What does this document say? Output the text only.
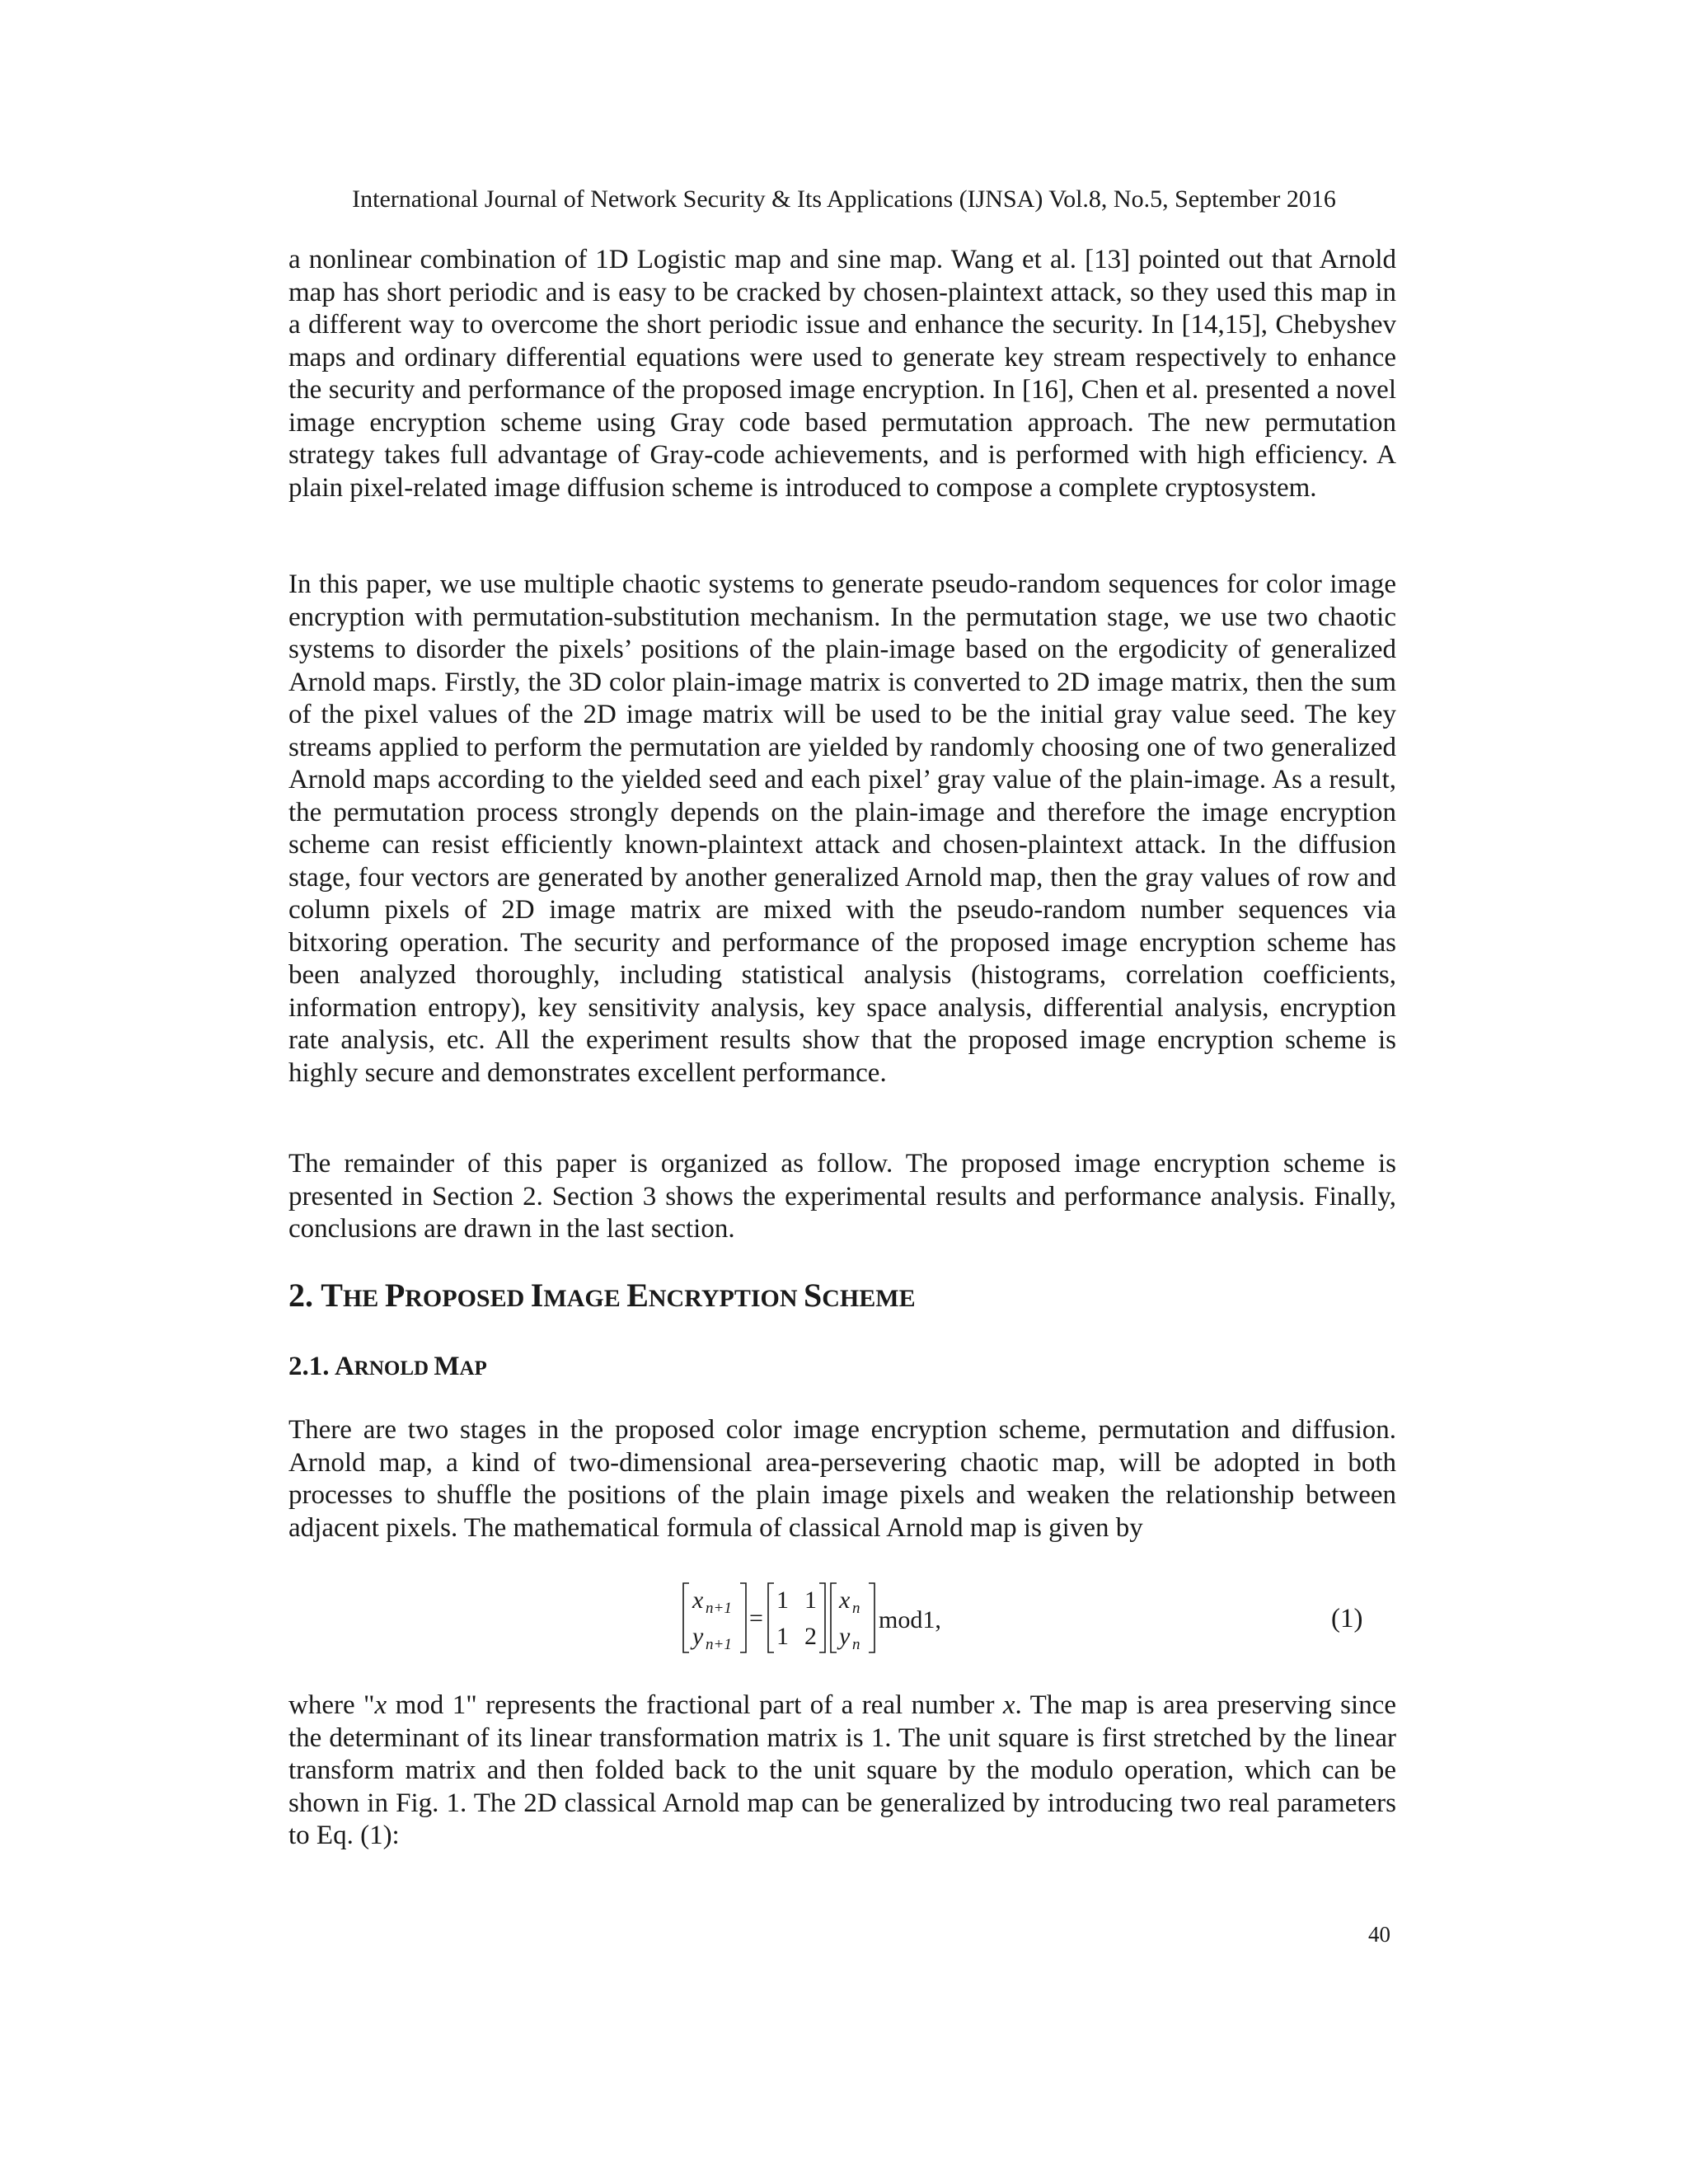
International Journal of Network Security & Its Applications (IJNSA) Vol.8, No.5, September 2016

a nonlinear combination of 1D Logistic map and sine map. Wang et al. [13] pointed out that Arnold map has short periodic and is easy to be cracked by chosen-plaintext attack, so they used this map in a different way to overcome the short periodic issue and enhance the security. In [14,15], Chebyshev maps and ordinary differential equations were used to generate key stream respectively to enhance the security and performance of the proposed image encryption. In [16], Chen et al. presented a novel image encryption scheme using Gray code based permutation approach. The new permutation strategy takes full advantage of Gray-code achievements, and is performed with high efficiency. A plain pixel-related image diffusion scheme is introduced to compose a complete cryptosystem.

In this paper, we use multiple chaotic systems to generate pseudo-random sequences for color image encryption with permutation-substitution mechanism. In the permutation stage, we use two chaotic systems to disorder the pixels’ positions of the plain-image based on the ergodicity of generalized Arnold maps. Firstly, the 3D color plain-image matrix is converted to 2D image matrix, then the sum of the pixel values of the 2D image matrix will be used to be the initial gray value seed. The key streams applied to perform the permutation are yielded by randomly choosing one of two generalized Arnold maps according to the yielded seed and each pixel’ gray value of the plain-image. As a result, the permutation process strongly depends on the plain-image and therefore the image encryption scheme can resist efficiently known-plaintext attack and chosen-plaintext attack. In the diffusion stage, four vectors are generated by another generalized Arnold map, then the gray values of row and column pixels of 2D image matrix are mixed with the pseudo-random number sequences via bitxoring operation. The security and performance of the proposed image encryption scheme has been analyzed thoroughly, including statistical analysis (histograms, correlation coefficients, information entropy), key sensitivity analysis, key space analysis, differential analysis, encryption rate analysis, etc. All the experiment results show that the proposed image encryption scheme is highly secure and demonstrates excellent performance.

The remainder of this paper is organized as follow. The proposed image encryption scheme is presented in Section 2. Section 3 shows the experimental results and performance analysis. Finally, conclusions are drawn in the last section.

2. THE PROPOSED IMAGE ENCRYPTION SCHEME
2.1. ARNOLD MAP

There are two stages in the proposed color image encryption scheme, permutation and diffusion. Arnold map, a kind of two-dimensional area-persevering chaotic map, will be adopted in both processes to shuffle the positions of the plain image pixels and weaken the relationship between adjacent pixels. The mathematical formula of classical Arnold map is given by

x n+1
y n+1
=
1 1
1 2
x n
y n
mod1,	(1)

where "x mod 1" represents the fractional part of a real number x. The map is area preserving since the determinant of its linear transformation matrix is 1. The unit square is first stretched by the linear transform matrix and then folded back to the unit square by the modulo operation, which can be shown in Fig. 1. The 2D classical Arnold map can be generalized by introducing two real parameters to Eq. (1):

40
